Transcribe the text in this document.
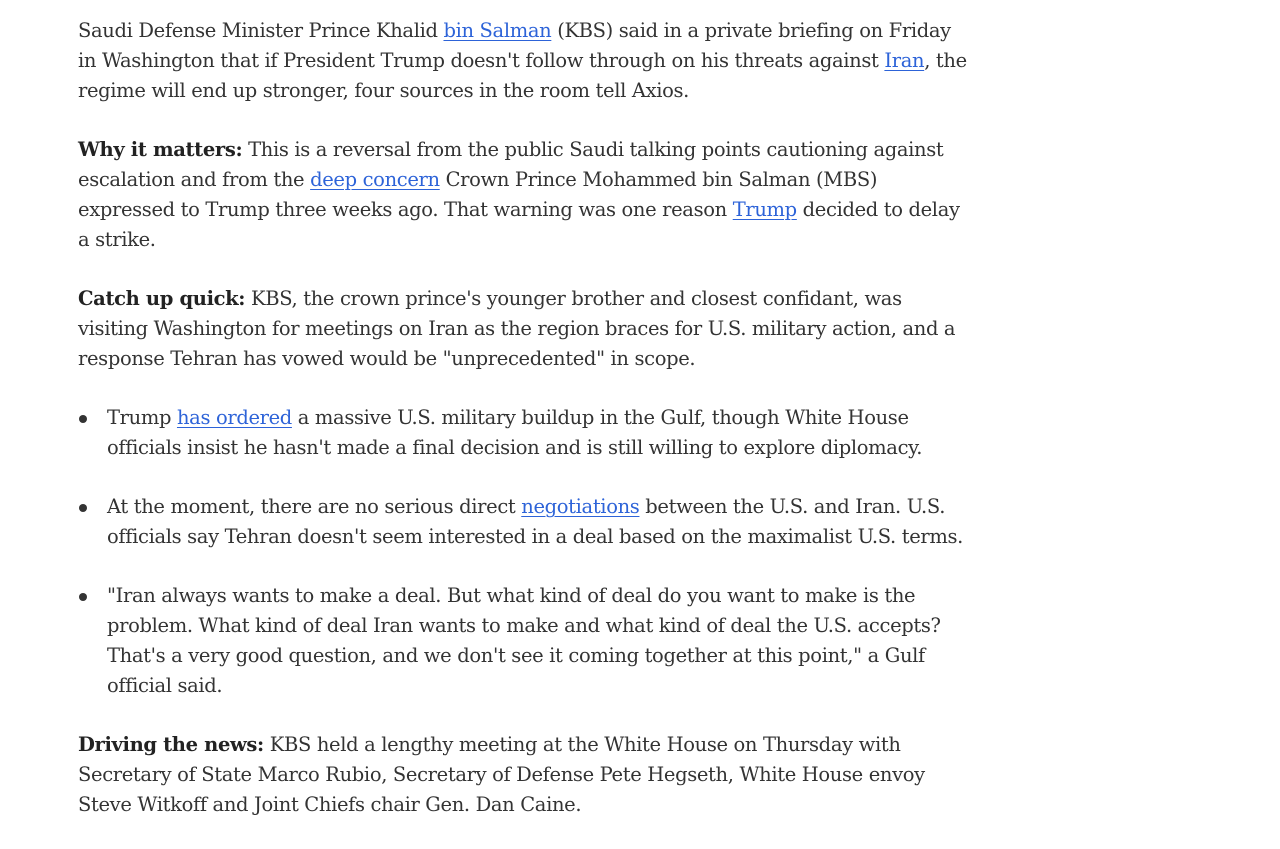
Saudi Defense Minister Prince Khalid bin Salman (KBS) said in a private briefing on Friday in Washington that if President Trump doesn't follow through on his threats against Iran, the regime will end up stronger, four sources in the room tell Axios.

Why it matters: This is a reversal from the public Saudi talking points cautioning against escalation and from the deep concern Crown Prince Mohammed bin Salman (MBS) expressed to Trump three weeks ago. That warning was one reason Trump decided to delay a strike.

Catch up quick: KBS, the crown prince's younger brother and closest confidant, was visiting Washington for meetings on Iran as the region braces for U.S. military action, and a response Tehran has vowed would be "unprecedented" in scope.

Trump has ordered a massive U.S. military buildup in the Gulf, though White House officials insist he hasn't made a final decision and is still willing to explore diplomacy.
At the moment, there are no serious direct negotiations between the U.S. and Iran. U.S. officials say Tehran doesn't seem interested in a deal based on the maximalist U.S. terms.
"Iran always wants to make a deal. But what kind of deal do you want to make is the problem. What kind of deal Iran wants to make and what kind of deal the U.S. accepts? That's a very good question, and we don't see it coming together at this point," a Gulf official said.

Driving the news: KBS held a lengthy meeting at the White House on Thursday with Secretary of State Marco Rubio, Secretary of Defense Pete Hegseth, White House envoy Steve Witkoff and Joint Chiefs chair Gen. Dan Caine.
